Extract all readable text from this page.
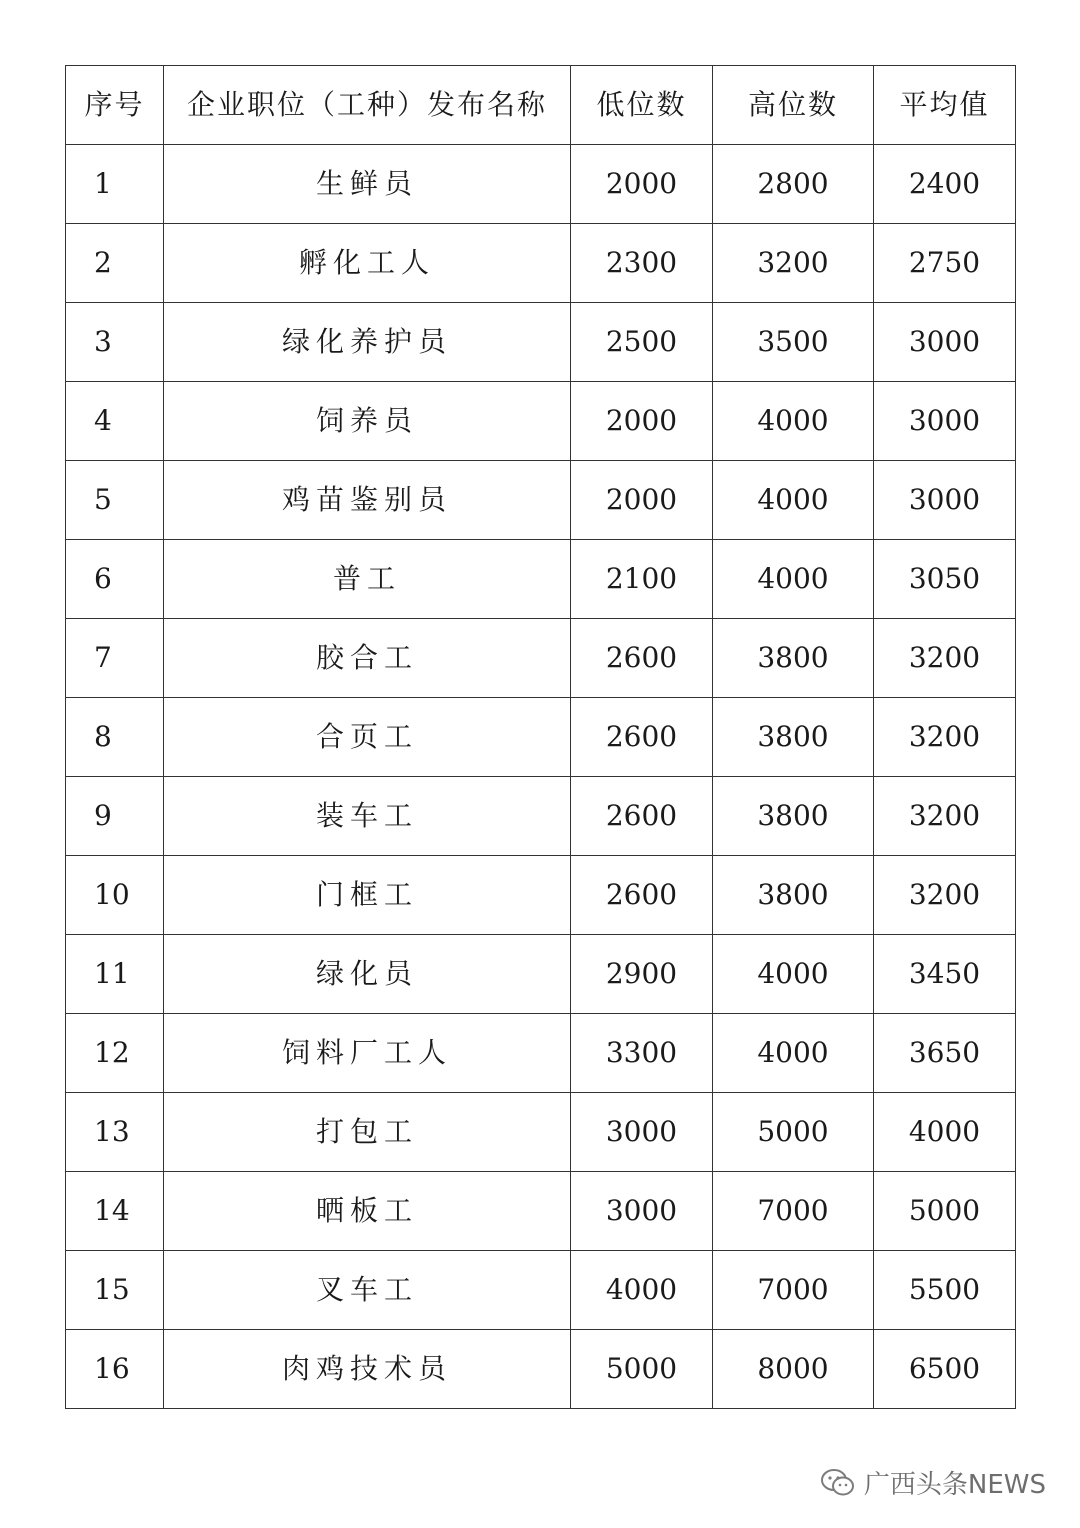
序号	企业职位（工种）发布名称	低位数	高位数	平均值
1	生鲜员	2000	2800	2400
2	孵化工人	2300	3200	2750
3	绿化养护员	2500	3500	3000
4	饲养员	2000	4000	3000
5	鸡苗鉴别员	2000	4000	3000
6	普工	2100	4000	3050
7	胶合工	2600	3800	3200
8	合页工	2600	3800	3200
9	装车工	2600	3800	3200
10	门框工	2600	3800	3200
11	绿化员	2900	4000	3450
12	饲料厂工人	3300	4000	3650
13	打包工	3000	5000	4000
14	晒板工	3000	7000	5000
15	叉车工	4000	7000	5500
16	肉鸡技术员	5000	8000	6500
广西头条NEWS
